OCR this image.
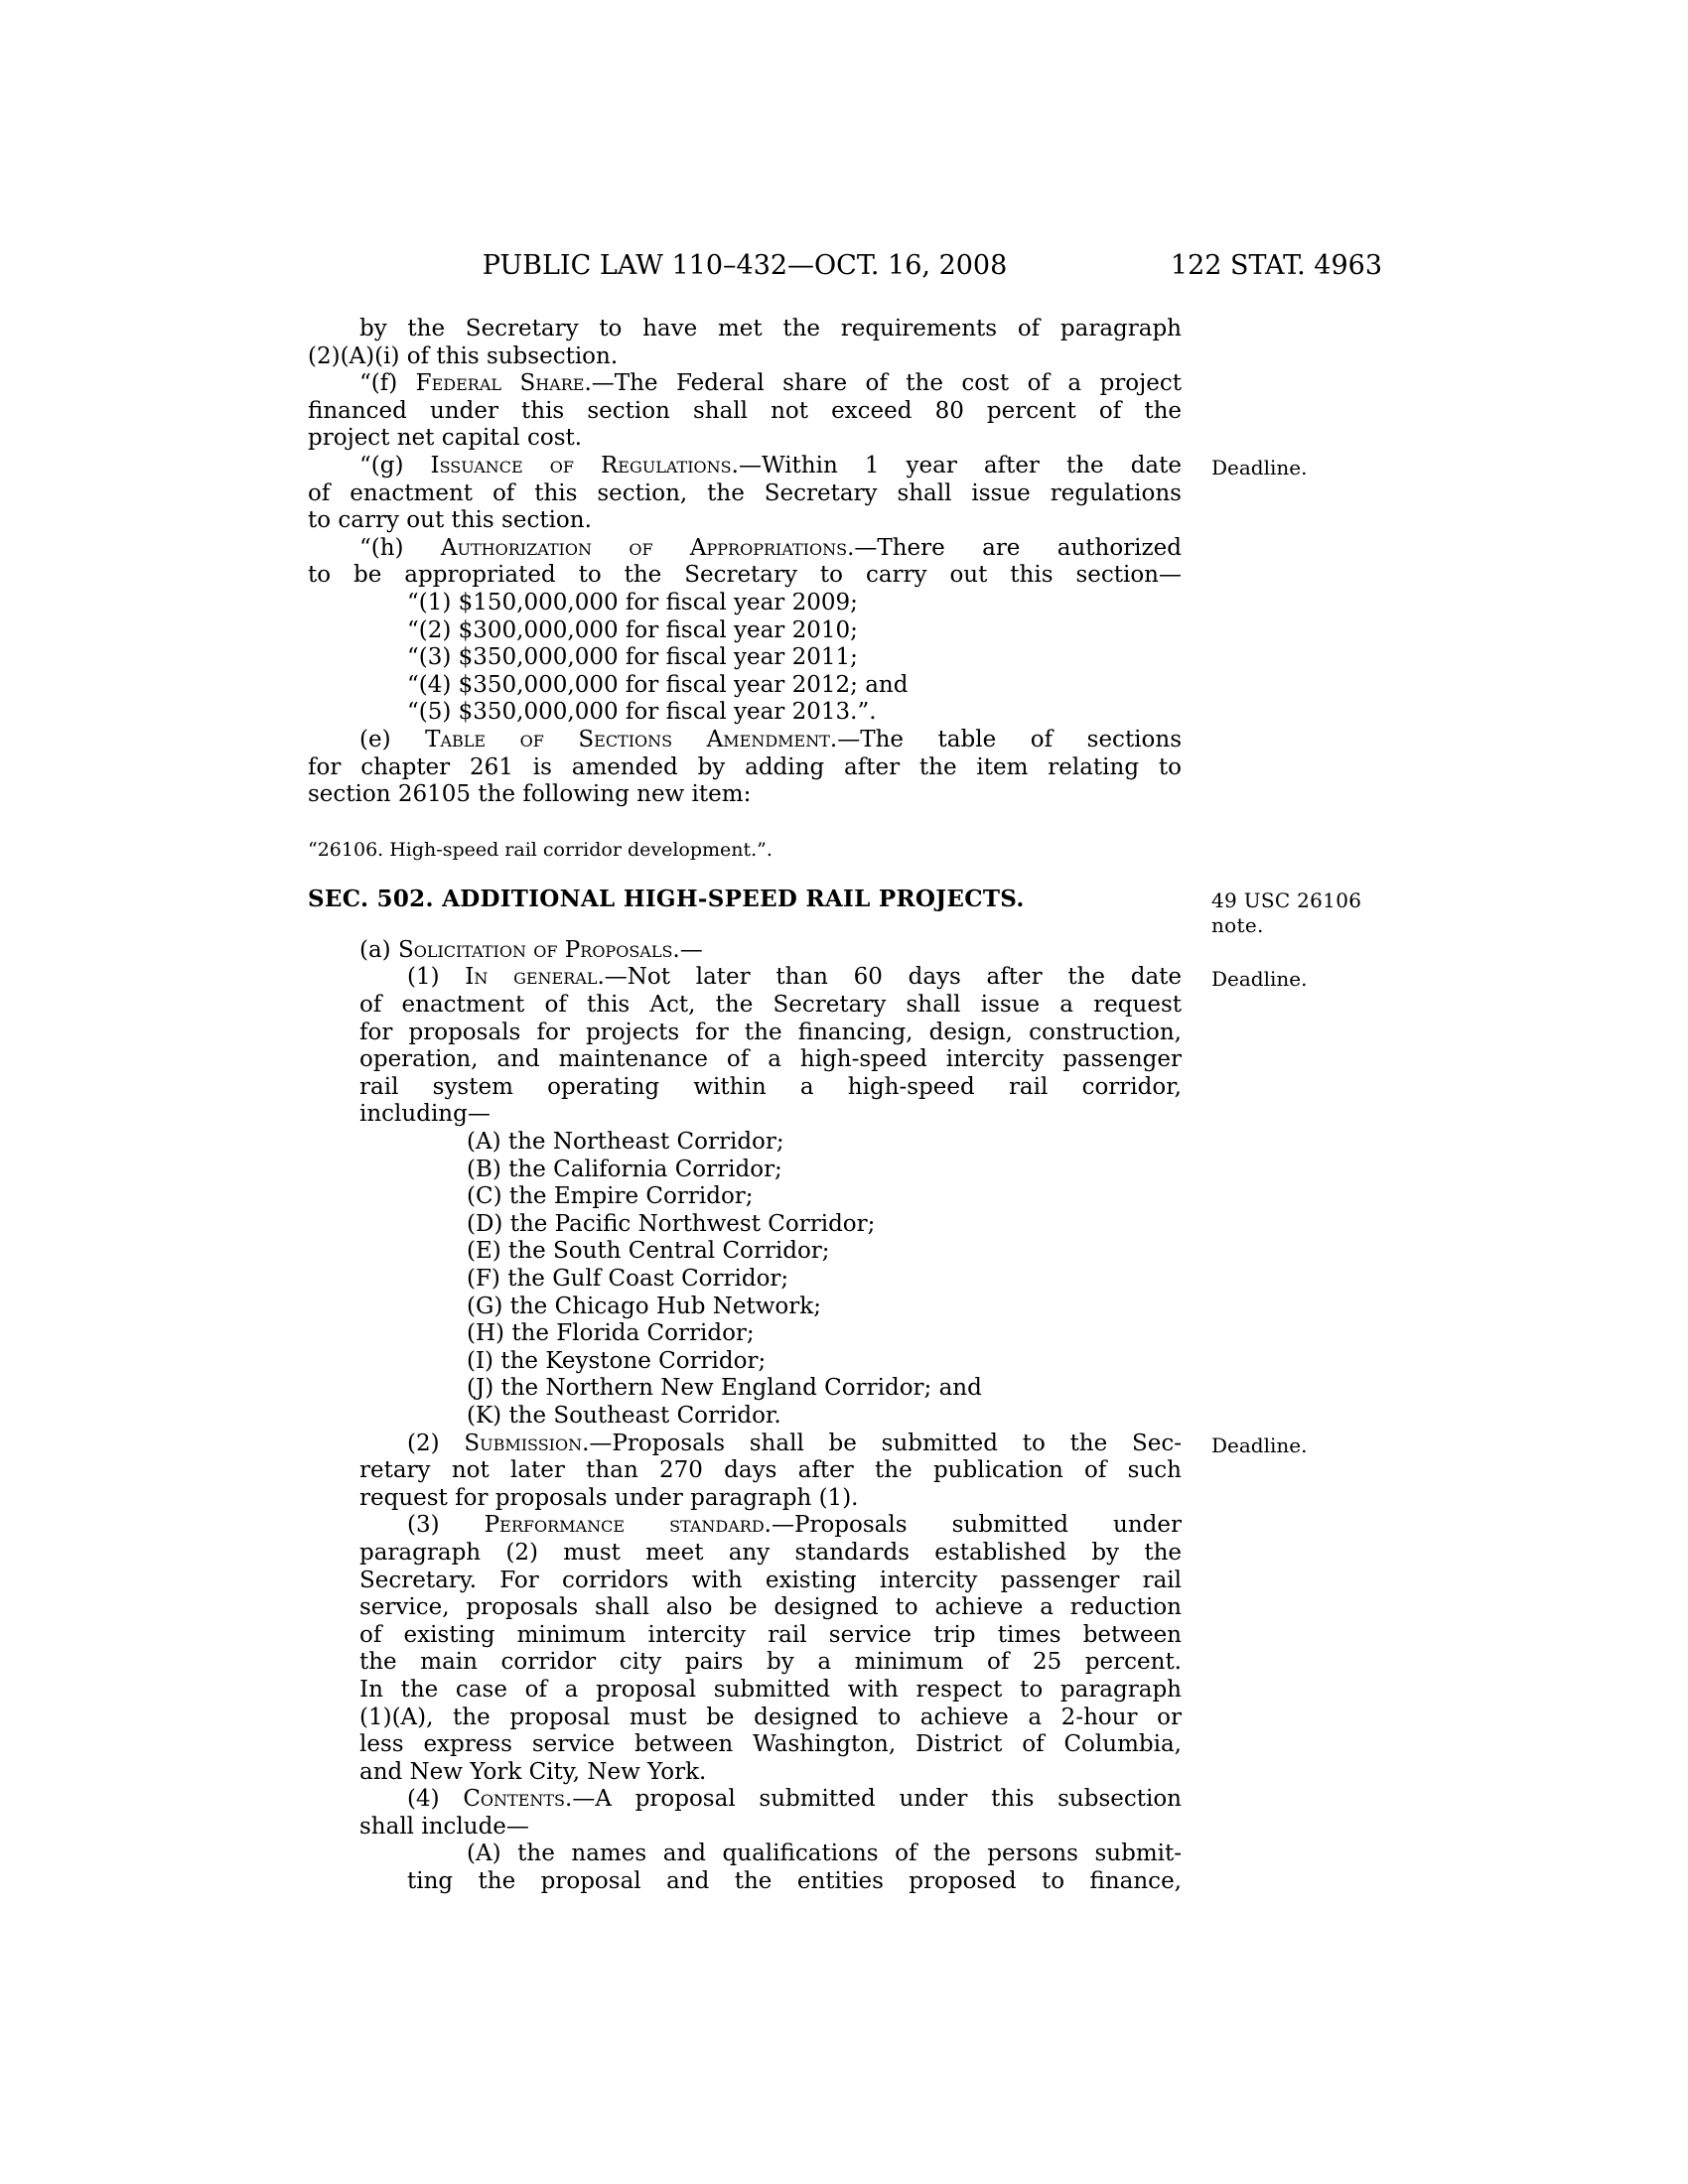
PUBLIC LAW 110–432—OCT. 16, 2008	122 STAT. 4963
by the Secretary to have met the requirements of paragraph
(2)(A)(i) of this subsection.
“(f) Federal Share.—The Federal share of the cost of a project
financed under this section shall not exceed 80 percent of the
project net capital cost.
“(g) Issuance of Regulations.—Within 1 year after the date Deadline.
of enactment of this section, the Secretary shall issue regulations
to carry out this section.
“(h) Authorization of Appropriations.—There are authorized
to be appropriated to the Secretary to carry out this section—
“(1) $150,000,000 for fiscal year 2009;
“(2) $300,000,000 for fiscal year 2010;
“(3) $350,000,000 for fiscal year 2011;
“(4) $350,000,000 for fiscal year 2012; and
“(5) $350,000,000 for fiscal year 2013.”.
(e) Table of Sections Amendment.—The table of sections
for chapter 261 is amended by adding after the item relating to
section 26105 the following new item:
“26106. High-speed rail corridor development.”.
SEC. 502. ADDITIONAL HIGH-SPEED RAIL PROJECTS.	49 USC 26106 note.
(a) Solicitation of Proposals.—
(1) In general.—Not later than 60 days after the date Deadline.
of enactment of this Act, the Secretary shall issue a request
for proposals for projects for the financing, design, construction,
operation, and maintenance of a high-speed intercity passenger
rail system operating within a high-speed rail corridor,
including—
(A) the Northeast Corridor;
(B) the California Corridor;
(C) the Empire Corridor;
(D) the Pacific Northwest Corridor;
(E) the South Central Corridor;
(F) the Gulf Coast Corridor;
(G) the Chicago Hub Network;
(H) the Florida Corridor;
(I) the Keystone Corridor;
(J) the Northern New England Corridor; and
(K) the Southeast Corridor.
(2) Submission.—Proposals shall be submitted to the Sec- Deadline.
retary not later than 270 days after the publication of such
request for proposals under paragraph (1).
(3) Performance standard.—Proposals submitted under
paragraph (2) must meet any standards established by the
Secretary. For corridors with existing intercity passenger rail
service, proposals shall also be designed to achieve a reduction
of existing minimum intercity rail service trip times between
the main corridor city pairs by a minimum of 25 percent.
In the case of a proposal submitted with respect to paragraph
(1)(A), the proposal must be designed to achieve a 2-hour or
less express service between Washington, District of Columbia,
and New York City, New York.
(4) Contents.—A proposal submitted under this subsection
shall include—
(A) the names and qualifications of the persons submit-
ting the proposal and the entities proposed to finance,
